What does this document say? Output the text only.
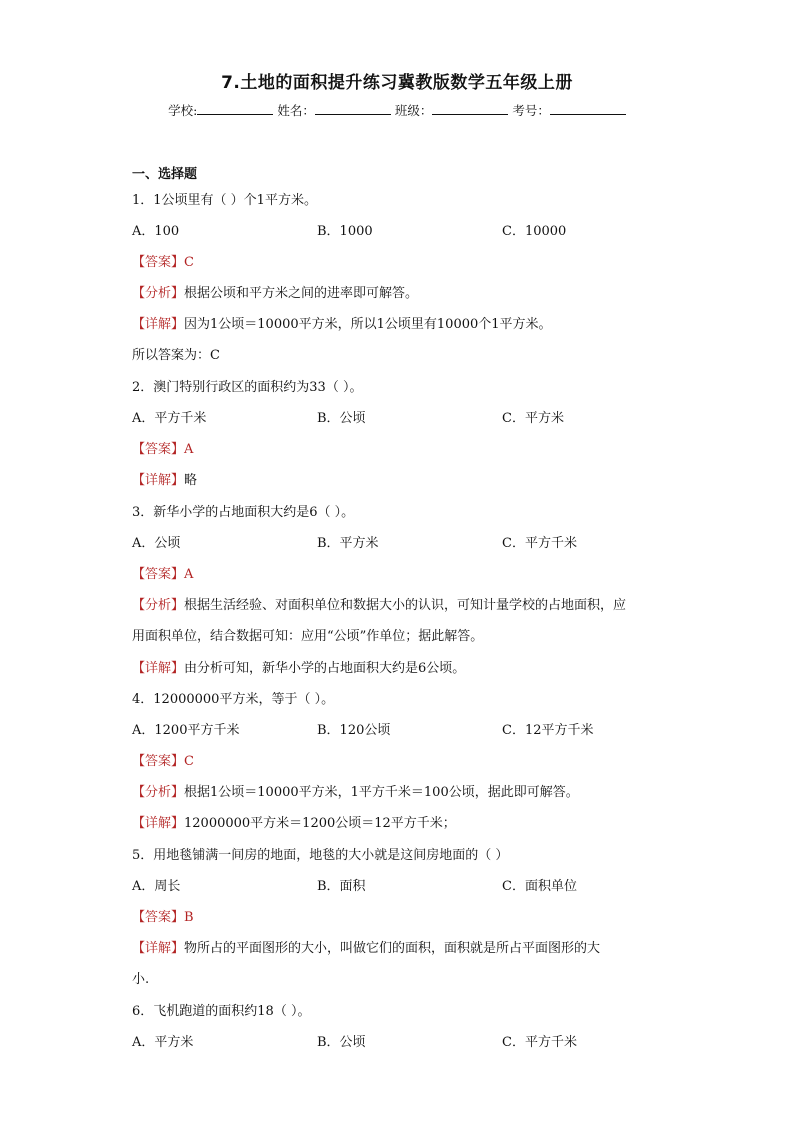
7.土地的面积提升练习冀教版数学五年级上册
学校:	姓名：	班级：	考号：
一、选择题
1．1公顷里有（ ）个1平方米。
A．100	B．1000	C．10000
【答案】C
【分析】根据公顷和平方米之间的进率即可解答。
【详解】因为1公顷＝10000平方米，所以1公顷里有10000个1平方米。
所以答案为：C
2．澳门特别行政区的面积约为33（ ）。
A．平方千米	B．公顷	C．平方米
【答案】A
【详解】略
3．新华小学的占地面积大约是6（ ）。
A．公顷	B．平方米	C．平方千米
【答案】A
【分析】根据生活经验、对面积单位和数据大小的认识，可知计量学校的占地面积，应
用面积单位，结合数据可知：应用“公顷”作单位；据此解答。
【详解】由分析可知，新华小学的占地面积大约是6公顷。
4．12000000平方米，等于（ ）。
A．1200平方千米	B．120公顷	C．12平方千米
【答案】C
【分析】根据1公顷＝10000平方米，1平方千米＝100公顷，据此即可解答。
【详解】12000000平方米＝1200公顷＝12平方千米；
5．用地毯铺满一间房的地面，地毯的大小就是这间房地面的（ ）
A．周长	B．面积	C．面积单位
【答案】B
【详解】物所占的平面图形的大小，叫做它们的面积，面积就是所占平面图形的大
小.
6．飞机跑道的面积约18（ ）。
A．平方米	B．公顷	C．平方千米
